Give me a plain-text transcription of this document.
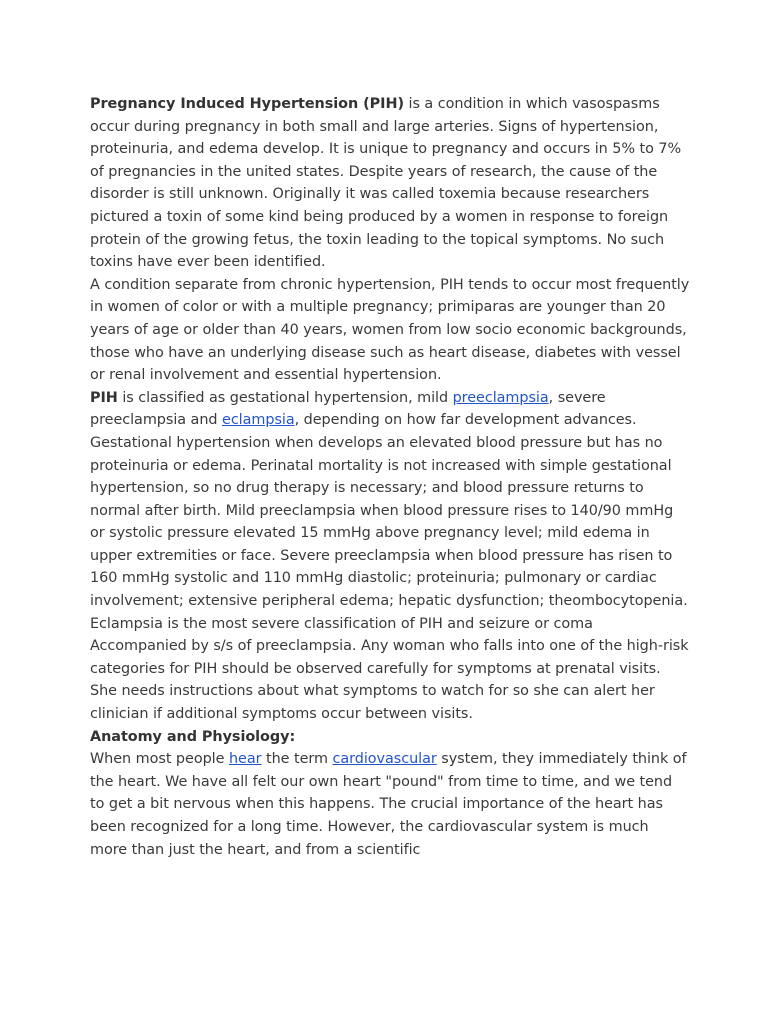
Pregnancy Induced Hypertension (PIH) is a condition in which vasospasms occur during pregnancy in both small and large arteries. Signs of hypertension, proteinuria, and edema develop. It is unique to pregnancy and occurs in 5% to 7% of pregnancies in the united states. Despite years of research, the cause of the disorder is still unknown. Originally it was called toxemia because researchers pictured a toxin of some kind being produced by a women in response to foreign protein of the growing fetus, the toxin leading to the topical symptoms. No such toxins have ever been identified.

A condition separate from chronic hypertension, PIH tends to occur most frequently in women of color or with a multiple pregnancy; primiparas are younger than 20 years of age or older than 40 years, women from low socio economic backgrounds, those who have an underlying disease such as heart disease, diabetes with vessel or renal involvement and essential hypertension.

PIH is classified as gestational hypertension, mild preeclampsia, severe preeclampsia and eclampsia, depending on how far development advances. Gestational hypertension when develops an elevated blood pressure but has no proteinuria or edema. Perinatal mortality is not increased with simple gestational hypertension, so no drug therapy is necessary; and blood pressure returns to normal after birth. Mild preeclampsia when blood pressure rises to 140/90 mmHg or systolic pressure elevated 15 mmHg above pregnancy level; mild edema in upper extremities or face. Severe preeclampsia when blood pressure has risen to 160 mmHg systolic and 110 mmHg diastolic; proteinuria; pulmonary or cardiac involvement; extensive peripheral edema; hepatic dysfunction; theombocytopenia. Eclampsia is the most severe classification of PIH and seizure or coma Accompanied by s/s of preeclampsia. Any woman who falls into one of the high-risk categories for PIH should be observed carefully for symptoms at prenatal visits. She needs instructions about what symptoms to watch for so she can alert her clinician if additional symptoms occur between visits.

Anatomy and Physiology:

When most people hear the term cardiovascular system, they immediately think of the heart. We have all felt our own heart "pound" from time to time, and we tend to get a bit nervous when this happens. The crucial importance of the heart has been recognized for a long time. However, the cardiovascular system is much more than just the heart, and from a scientific
